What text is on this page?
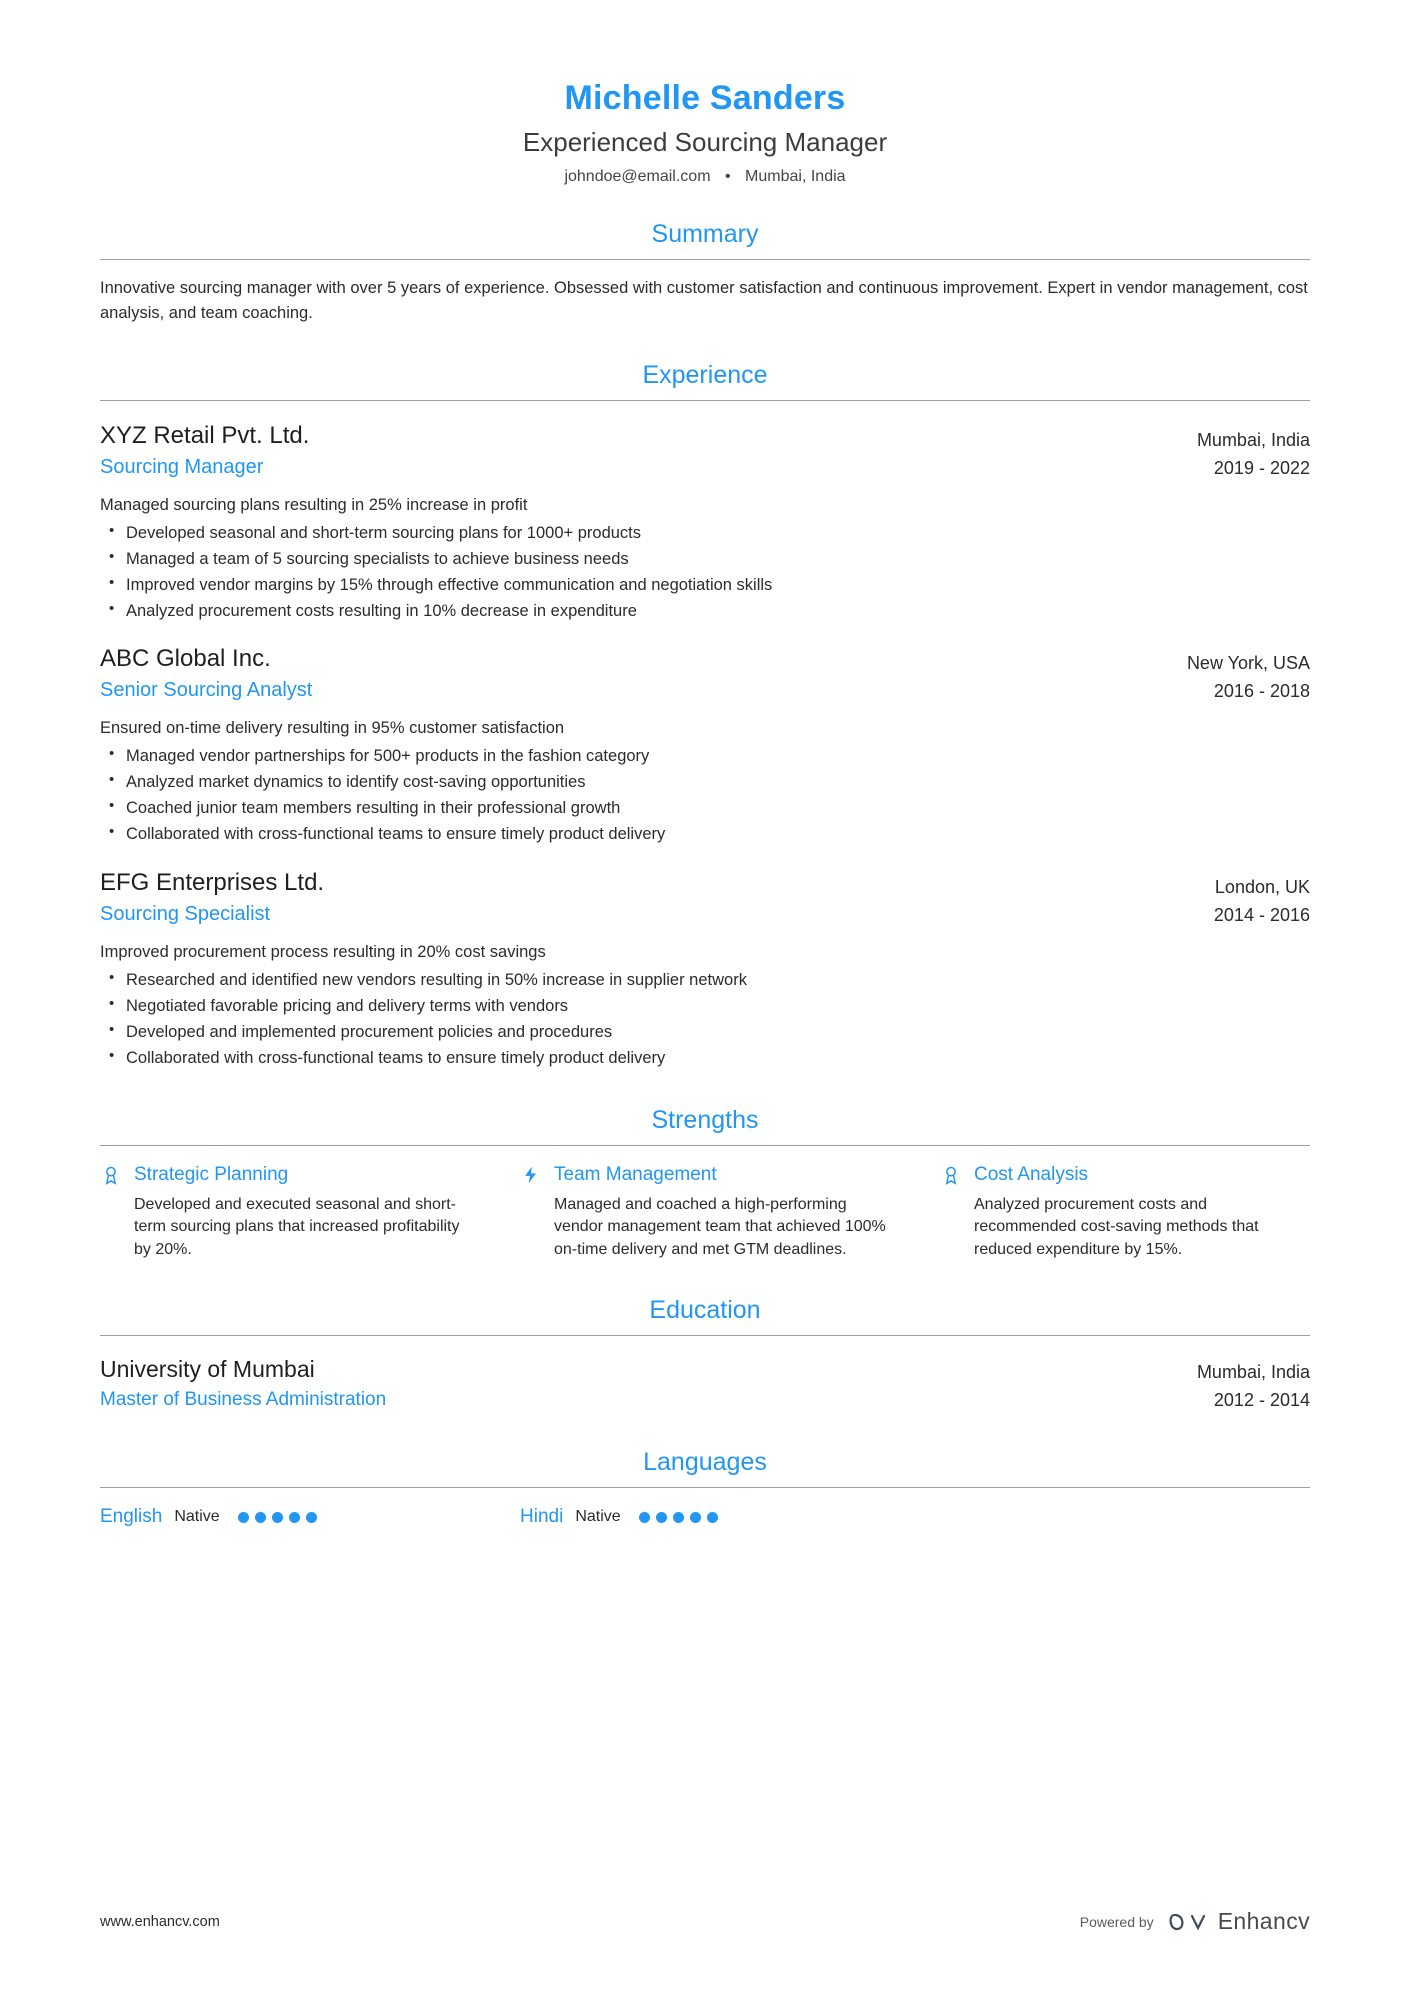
Michelle Sanders
Experienced Sourcing Manager
johndoe@email.com • Mumbai, India
Summary
Innovative sourcing manager with over 5 years of experience. Obsessed with customer satisfaction and continuous improvement. Expert in vendor management, cost analysis, and team coaching.
Experience
XYZ Retail Pvt. Ltd.
Sourcing Manager
Mumbai, India
2019 - 2022
Managed sourcing plans resulting in 25% increase in profit
• Developed seasonal and short-term sourcing plans for 1000+ products
• Managed a team of 5 sourcing specialists to achieve business needs
• Improved vendor margins by 15% through effective communication and negotiation skills
• Analyzed procurement costs resulting in 10% decrease in expenditure
ABC Global Inc.
Senior Sourcing Analyst
New York, USA
2016 - 2018
Ensured on-time delivery resulting in 95% customer satisfaction
• Managed vendor partnerships for 500+ products in the fashion category
• Analyzed market dynamics to identify cost-saving opportunities
• Coached junior team members resulting in their professional growth
• Collaborated with cross-functional teams to ensure timely product delivery
EFG Enterprises Ltd.
Sourcing Specialist
London, UK
2014 - 2016
Improved procurement process resulting in 20% cost savings
• Researched and identified new vendors resulting in 50% increase in supplier network
• Negotiated favorable pricing and delivery terms with vendors
• Developed and implemented procurement policies and procedures
• Collaborated with cross-functional teams to ensure timely product delivery
Strengths
Strategic Planning
Developed and executed seasonal and short-term sourcing plans that increased profitability by 20%.
Team Management
Managed and coached a high-performing vendor management team that achieved 100% on-time delivery and met GTM deadlines.
Cost Analysis
Analyzed procurement costs and recommended cost-saving methods that reduced expenditure by 15%.
Education
University of Mumbai
Master of Business Administration
Mumbai, India
2012 - 2014
Languages
English Native	Hindi Native
www.enhancv.com	Powered by	Enhancv
